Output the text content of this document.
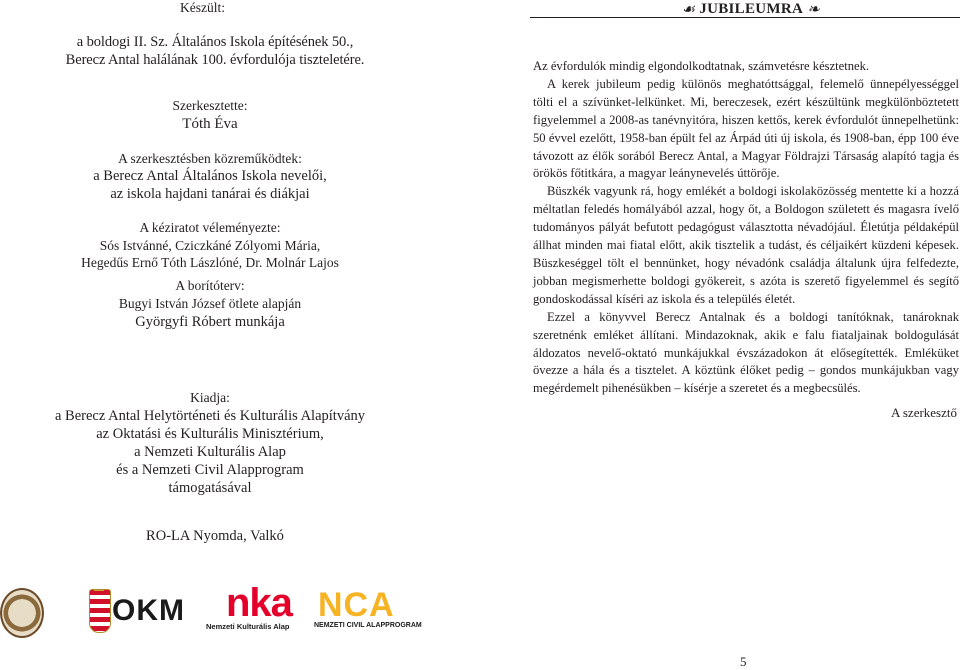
Készült:
a boldogi II. Sz. Általános Iskola építésének 50.,
Berecz Antal halálának 100. évfordulója tiszteletére.
Szerkesztette:
Tóth Éva
A szerkesztésben közreműködtek:
a Berecz Antal Általános Iskola nevelői,
az iskola hajdani tanárai és diákjai
A kéziratot véleményezte:
Sós Istvánné, Cziczkáné Zólyomi Mária,
Hegedűs Ernő Tóth Lászlóné, Dr. Molnár Lajos
A borítóterv:
Bugyi István József ötlete alapján
Györgyfi Róbert munkája
Kiadja:
a Berecz Antal Helytörténeti és Kulturális Alapítvány
az Oktatási és Kulturális Minisztérium,
a Nemzeti Kulturális Alap
és a Nemzeti Civil Alapprogram
támogatásával
RO-LA Nyomda, Valkó
OKM nka
Nemzeti Kulturális Alap
NCA
NEMZETI CIVIL ALAPPROGRAM
☙ JUBILEUMRA ❧

Az évfordulók mindig elgondolkodtatnak, számvetésre késztetnek.

A kerek jubileum pedig különös meghatóttsággal, felemelő ünnepélyességgel tölti el a szívünket-lelkünket. Mi, bereczesek, ezért készültünk megkülönböztetett figyelemmel a 2008-as tanévnyitóra, hiszen kettős, kerek évfordulót ünnepelhetünk: 50 évvel ezelőtt, 1958-ban épült fel az Árpád úti új iskola, és 1908-ban, épp 100 éve távozott az élők sorából Berecz Antal, a Magyar Földrajzi Társaság alapító tagja és örökös főtitkára, a magyar leánynevelés úttörője.

Büszkék vagyunk rá, hogy emlékét a boldogi iskolaközösség mentette ki a hozzá méltatlan feledés homályából azzal, hogy őt, a Boldogon született és magasra ívelő tudományos pályát befutott pedagógust választotta névadójául. Életútja példaképül állhat minden mai fiatal előtt, akik tisztelik a tudást, és céljaikért küzdeni képesek. Büszkeséggel tölt el bennünket, hogy névadónk családja általunk újra felfedezte, jobban megismerhette boldogi gyökereit, s azóta is szerető figyelemmel és segítő gondoskodással kíséri az iskola és a település életét.

Ezzel a könyvvel Berecz Antalnak és a boldogi tanítóknak, tanároknak szeretnénk emléket állítani. Mindazoknak, akik e falu fiataljainak boldogulását áldozatos nevelő-oktató munkájukkal évszázadokon át elősegítették. Emléküket övezze a hála és a tisztelet. A köztünk élőket pedig – gondos munkájukban vagy megérdemelt pihenésükben – kísérje a szeretet és a megbecsülés.

A szerkesztő
5
